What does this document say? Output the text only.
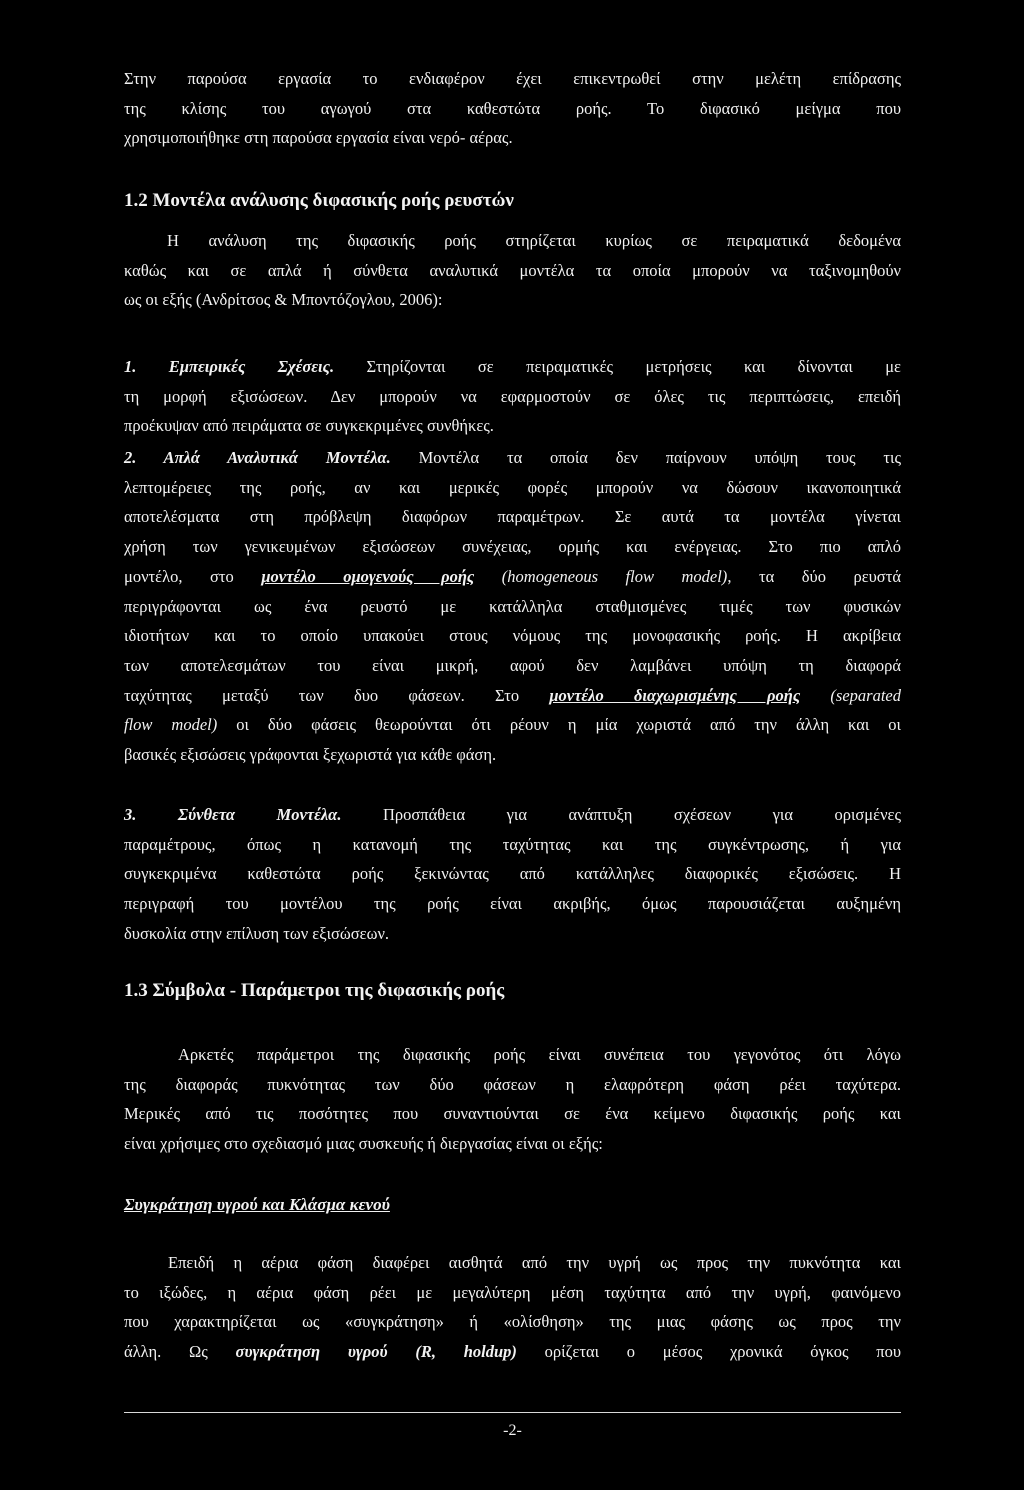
Στην παρούσα εργασία το ενδιαφέρον έχει επικεντρωθεί στην μελέτη επίδρασης
της κλίσης του αγωγού στα καθεστώτα ροής. Το διφασικό μείγμα που
χρησιμοποιήθηκε στη παρούσα εργασία είναι νερό- αέρας.

1.2 Μοντέλα ανάλυσης διφασικής ροής ρευστών

Η ανάλυση της διφασικής ροής στηρίζεται κυρίως σε πειραματικά δεδομένα
καθώς και σε απλά ή σύνθετα αναλυτικά μοντέλα τα οποία μπορούν να ταξινομηθούν
ως οι εξής (Ανδρίτσος & Μποντόζογλου, 2006):
1. Εμπειρικές Σχέσεις. Στηρίζονται σε πειραματικές μετρήσεις και δίνονται με
τη μορφή εξισώσεων. Δεν μπορούν να εφαρμοστούν σε όλες τις περιπτώσεις, επειδή
προέκυψαν από πειράματα σε συγκεκριμένες συνθήκες.
2. Απλά Αναλυτικά Μοντέλα. Μοντέλα τα οποία δεν παίρνουν υπόψη τους τις
λεπτομέρειες της ροής, αν και μερικές φορές μπορούν να δώσουν ικανοποιητικά
αποτελέσματα στη πρόβλεψη διαφόρων παραμέτρων. Σε αυτά τα μοντέλα γίνεται
χρήση των γενικευμένων εξισώσεων συνέχειας, ορμής και ενέργειας. Στο πιο απλό
μοντέλο, στο μοντέλο ομογενούς ροής (homogeneous flow model), τα δύο ρευστά
περιγράφονται ως ένα ρευστό με κατάλληλα σταθμισμένες τιμές των φυσικών
ιδιοτήτων και το οποίο υπακούει στους νόμους της μονοφασικής ροής. Η ακρίβεια
των αποτελεσμάτων του είναι μικρή, αφού δεν λαμβάνει υπόψη τη διαφορά
ταχύτητας μεταξύ των δυο φάσεων. Στο μοντέλο διαχωρισμένης ροής (separated
flow model) οι δύο φάσεις θεωρούνται ότι ρέουν η μία χωριστά από την άλλη και οι
βασικές εξισώσεις γράφονται ξεχωριστά για κάθε φάση.
3. Σύνθετα Μοντέλα. Προσπάθεια για ανάπτυξη σχέσεων για ορισμένες
παραμέτρους, όπως η κατανομή της ταχύτητας και της συγκέντρωσης, ή για
συγκεκριμένα καθεστώτα ροής ξεκινώντας από κατάλληλες διαφορικές εξισώσεις. Η
περιγραφή του μοντέλου της ροής είναι ακριβής, όμως παρουσιάζεται αυξημένη
δυσκολία στην επίλυση των εξισώσεων.

1.3 Σύμβολα - Παράμετροι της διφασικής ροής

Αρκετές παράμετροι της διφασικής ροής είναι συνέπεια του γεγονότος ότι λόγω
της διαφοράς πυκνότητας των δύο φάσεων η ελαφρότερη φάση ρέει ταχύτερα.
Μερικές από τις ποσότητες που συναντιούνται σε ένα κείμενο διφασικής ροής και
είναι χρήσιμες στο σχεδιασμό μιας συσκευής ή διεργασίας είναι οι εξής:

Συγκράτηση υγρού και Κλάσμα κενού

Επειδή η αέρια φάση διαφέρει αισθητά από την υγρή ως προς την πυκνότητα και
το ιξώδες, η αέρια φάση ρέει με μεγαλύτερη μέση ταχύτητα από την υγρή, φαινόμενο
που χαρακτηρίζεται ως «συγκράτηση» ή «ολίσθηση» της μιας φάσης ως προς την
άλλη. Ως συγκράτηση υγρού (R, holdup) ορίζεται ο μέσος χρονικά όγκος που

-2-
